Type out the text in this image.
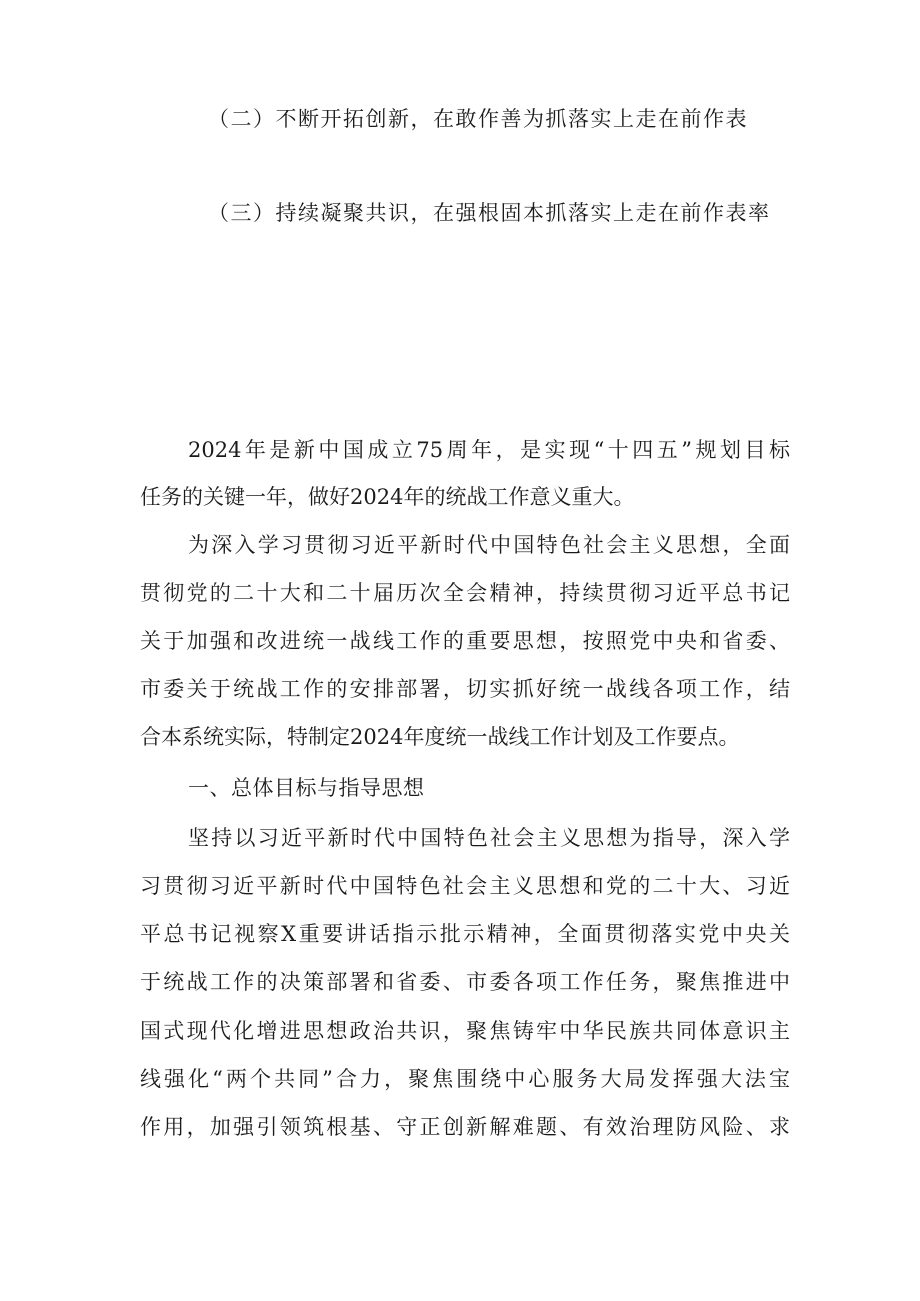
（二）不断开拓创新，在敢作善为抓落实上走在前作表
（三）持续凝聚共识，在强根固本抓落实上走在前作表率
2024年是新中国成立75周年，是实现“十四五”规划目标
任务的关键一年，做好2024年的统战工作意义重大。
为深入学习贯彻习近平新时代中国特色社会主义思想，全面
贯彻党的二十大和二十届历次全会精神，持续贯彻习近平总书记
关于加强和改进统一战线工作的重要思想，按照党中央和省委、
市委关于统战工作的安排部署，切实抓好统一战线各项工作，结
合本系统实际，特制定2024年度统一战线工作计划及工作要点。
一、总体目标与指导思想
坚持以习近平新时代中国特色社会主义思想为指导，深入学
习贯彻习近平新时代中国特色社会主义思想和党的二十大、习近
平总书记视察X重要讲话指示批示精神，全面贯彻落实党中央关
于统战工作的决策部署和省委、市委各项工作任务，聚焦推进中
国式现代化增进思想政治共识，聚焦铸牢中华民族共同体意识主
线强化“两个共同”合力，聚焦围绕中心服务大局发挥强大法宝
作用，加强引领筑根基、守正创新解难题、有效治理防风险、求
